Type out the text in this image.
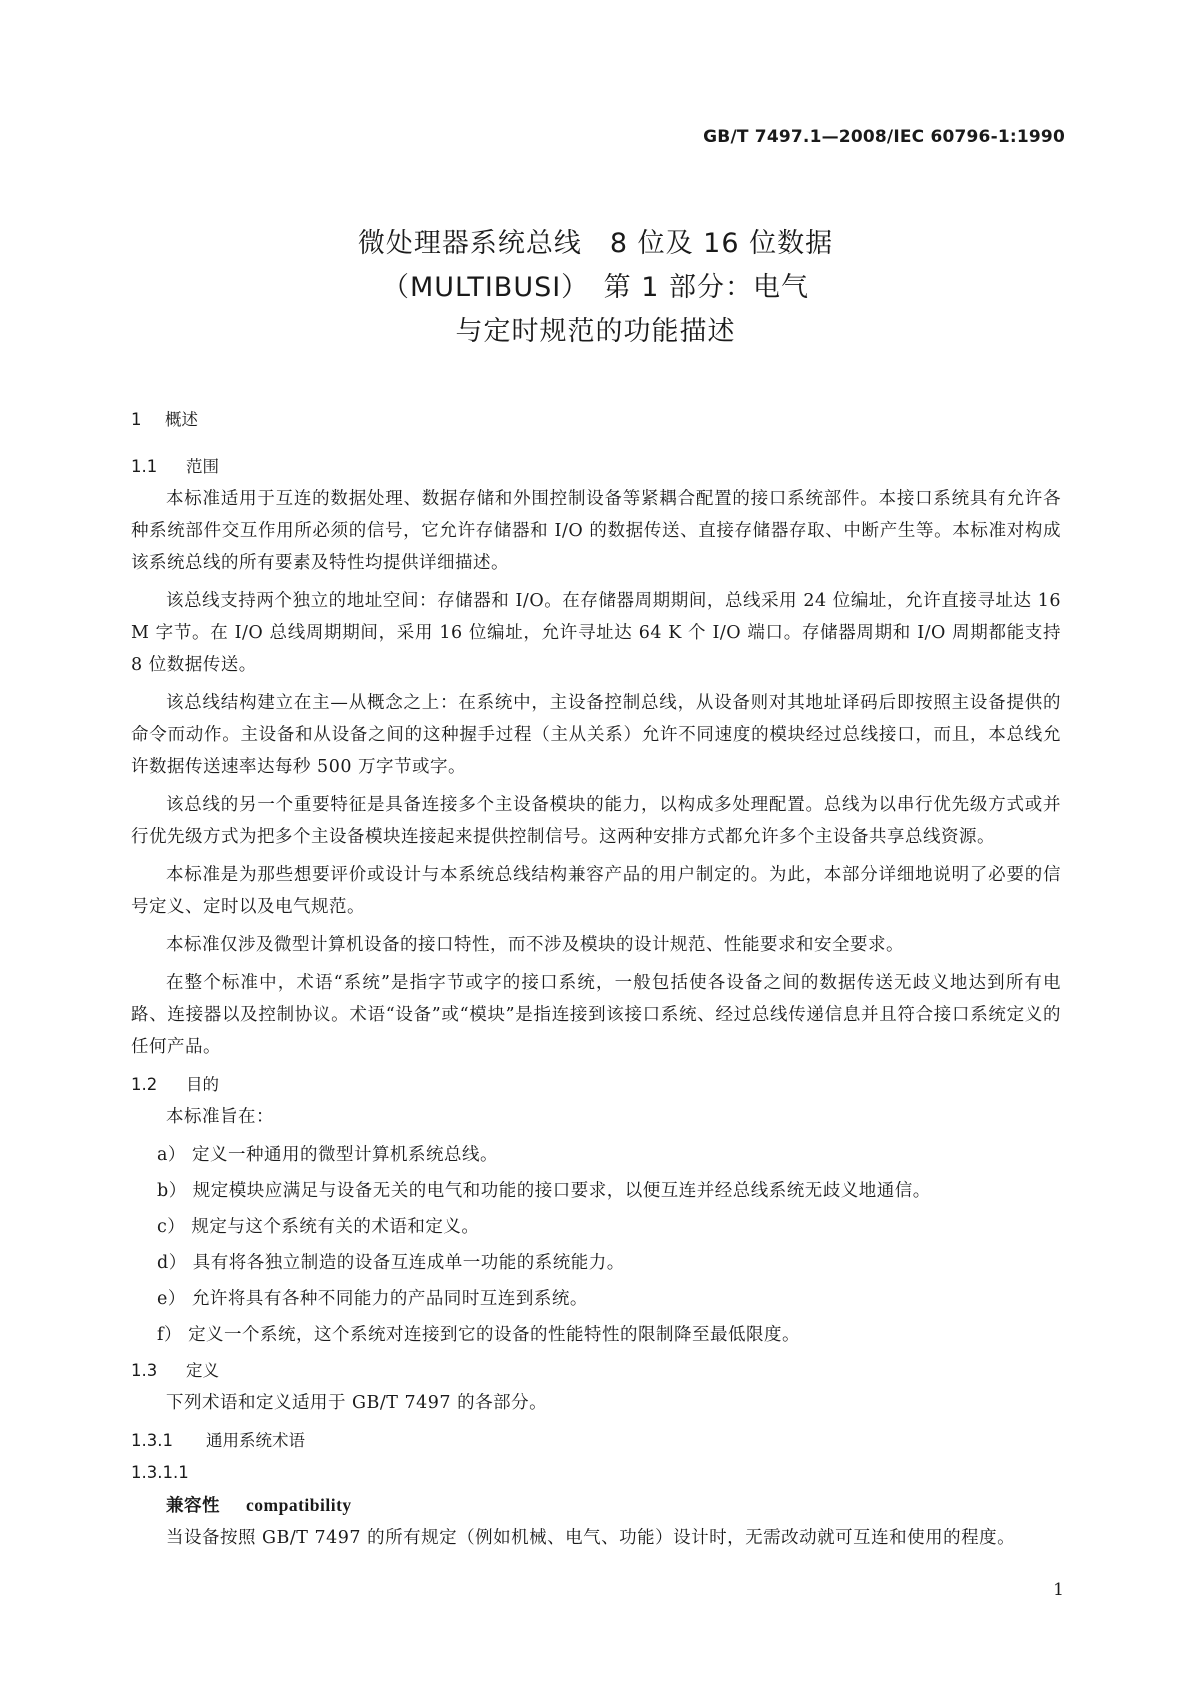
GB/T 7497.1—2008/IEC 60796-1:1990
微处理器系统总线　8 位及 16 位数据
（MULTIBUSⅠ）　第 1 部分：电气
与定时规范的功能描述
1 概述
1.1 范围

本标准适用于互连的数据处理、数据存储和外围控制设备等紧耦合配置的接口系统部件。本接口系统具有允许各种系统部件交互作用所必须的信号，它允许存储器和 I/O 的数据传送、直接存储器存取、中断产生等。本标准对构成该系统总线的所有要素及特性均提供详细描述。

该总线支持两个独立的地址空间：存储器和 I/O。在存储器周期期间，总线采用 24 位编址，允许直接寻址达 16 M 字节。在 I/O 总线周期期间，采用 16 位编址，允许寻址达 64 K 个 I/O 端口。存储器周期和 I/O 周期都能支持 8 位数据传送。

该总线结构建立在主—从概念之上：在系统中，主设备控制总线，从设备则对其地址译码后即按照主设备提供的命令而动作。主设备和从设备之间的这种握手过程（主从关系）允许不同速度的模块经过总线接口，而且，本总线允许数据传送速率达每秒 500 万字节或字。

该总线的另一个重要特征是具备连接多个主设备模块的能力，以构成多处理配置。总线为以串行优先级方式或并行优先级方式为把多个主设备模块连接起来提供控制信号。这两种安排方式都允许多个主设备共享总线资源。

本标准是为那些想要评价或设计与本系统总线结构兼容产品的用户制定的。为此，本部分详细地说明了必要的信号定义、定时以及电气规范。

本标准仅涉及微型计算机设备的接口特性，而不涉及模块的设计规范、性能要求和安全要求。

在整个标准中，术语“系统”是指字节或字的接口系统，一般包括使各设备之间的数据传送无歧义地达到所有电路、连接器以及控制协议。术语“设备”或“模块”是指连接到该接口系统、经过总线传递信息并且符合接口系统定义的任何产品。

1.2 目的

本标准旨在：

a） 定义一种通用的微型计算机系统总线。
b） 规定模块应满足与设备无关的电气和功能的接口要求，以便互连并经总线系统无歧义地通信。
c） 规定与这个系统有关的术语和定义。
d） 具有将各独立制造的设备互连成单一功能的系统能力。
e） 允许将具有各种不同能力的产品同时互连到系统。
f） 定义一个系统，这个系统对连接到它的设备的性能特性的限制降至最低限度。
1.3 定义

下列术语和定义适用于 GB/T 7497 的各部分。

1.3.1 通用系统术语
1.3.1.1
兼容性 compatibility

当设备按照 GB/T 7497 的所有规定（例如机械、电气、功能）设计时，无需改动就可互连和使用的程度。

1
